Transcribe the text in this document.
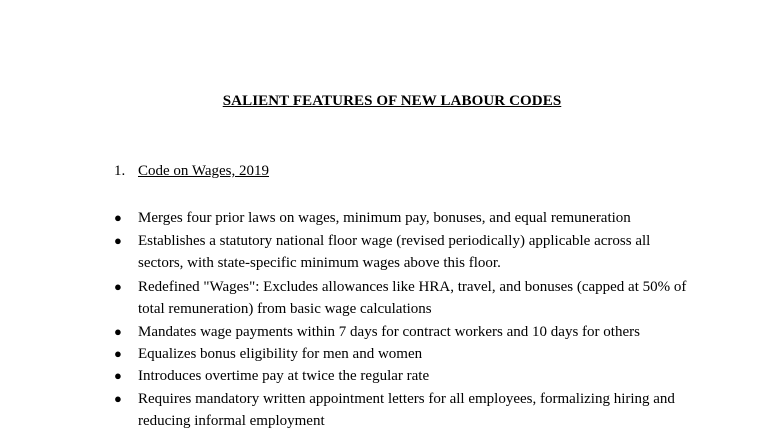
SALIENT FEATURES OF NEW LABOUR CODES
1. Code on Wages, 2019
● Merges four prior laws on wages, minimum pay, bonuses, and equal remuneration
● Establishes a statutory national floor wage (revised periodically) applicable across all sectors, with state-specific minimum wages above this floor.
● Redefined "Wages": Excludes allowances like HRA, travel, and bonuses (capped at 50% of total remuneration) from basic wage calculations
● Mandates wage payments within 7 days for contract workers and 10 days for others
● Equalizes bonus eligibility for men and women
● Introduces overtime pay at twice the regular rate
● Requires mandatory written appointment letters for all employees, formalizing hiring and reducing informal employment
